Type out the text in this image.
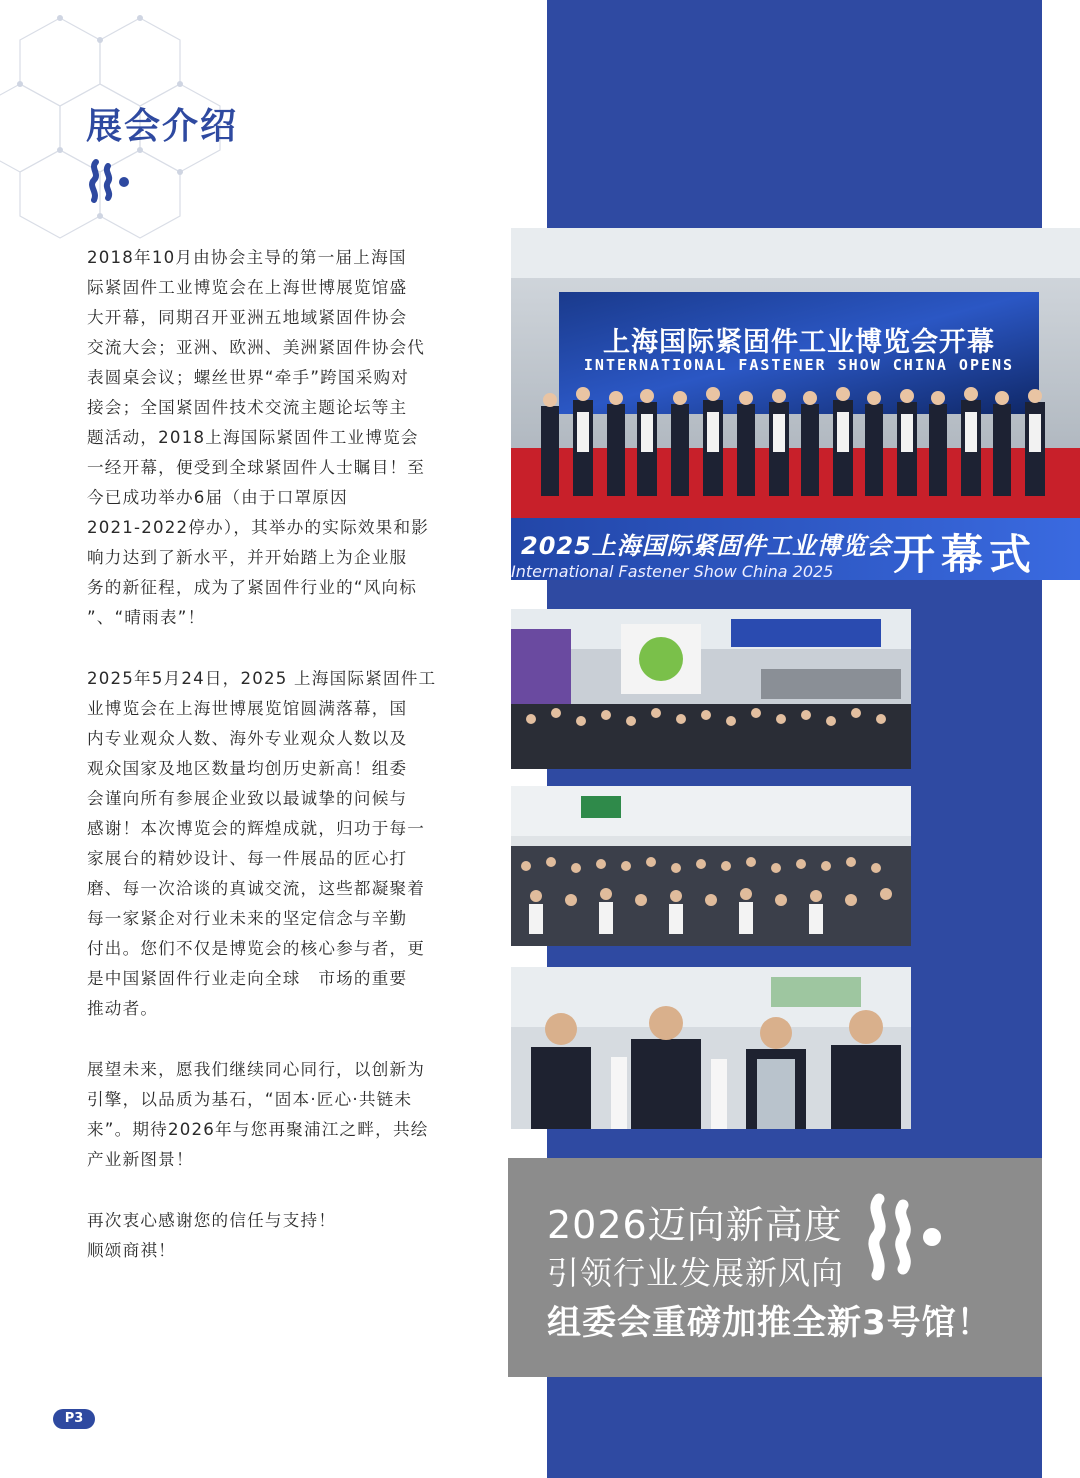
展会介绍
2018年10月由协会主导的第一届上海国
际紧固件工业博览会在上海世博展览馆盛
大开幕，同期召开亚洲五地域紧固件协会
交流大会；亚洲、欧洲、美洲紧固件协会代
表圆桌会议；螺丝世界“牵手”跨国采购对
接会；全国紧固件技术交流主题论坛等主
题活动，2018上海国际紧固件工业博览会
一经开幕，便受到全球紧固件人士瞩目！至
今已成功举办6届（由于口罩原因
2021-2022停办），其举办的实际效果和影
响力达到了新水平，并开始踏上为企业服
务的新征程，成为了紧固件行业的“风向标
”、“晴雨表”！
2025年5月24日，2025 上海国际紧固件工
业博览会在上海世博展览馆圆满落幕，国
内专业观众人数、海外专业观众人数以及
观众国家及地区数量均创历史新高！组委
会谨向所有参展企业致以最诚挚的问候与
感谢！本次博览会的辉煌成就，归功于每一
家展台的精妙设计、每一件展品的匠心打
磨、每一次洽谈的真诚交流，这些都凝聚着
每一家紧企对行业未来的坚定信念与辛勤
付出。您们不仅是博览会的核心参与者，更
是中国紧固件行业走向全球　市场的重要
推动者。
展望未来，愿我们继续同心同行，以创新为
引擎，以品质为基石，“固本·匠心·共链未
来”。期待2026年与您再聚浦江之畔，共绘
产业新图景！
再次衷心感谢您的信任与支持！
顺颂商祺！
上海国际紧固件工业博览会开幕
INTERNATIONAL FASTENER SHOW CHINA OPENS
2025上海国际紧固件工业博览会
International Fastener Show China 2025 开幕式
2026迈向新高度
引领行业发展新风向
组委会重磅加推全新3号馆！
P3
